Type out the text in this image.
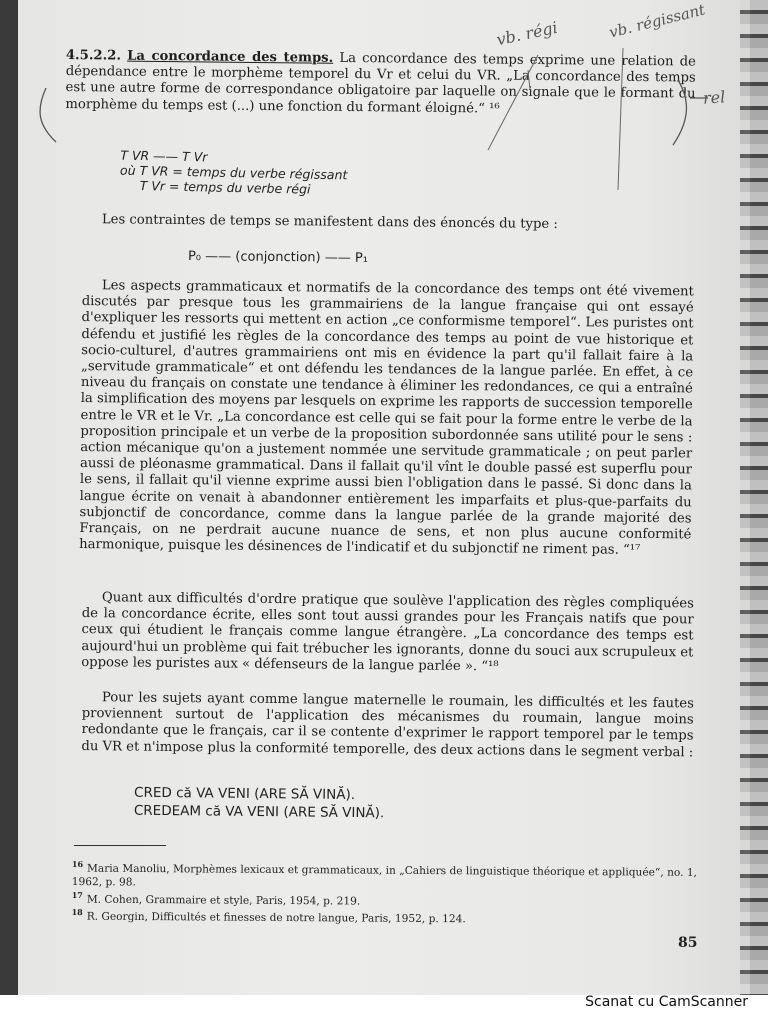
4.5.2.2. La concordance des temps. La concordance des temps exprime une relation de dépendance entre le morphème temporel du Vr et celui du VR. „La concordance des temps est une autre forme de correspondance obligatoire par laquelle on signale que le formant du morphème du temps est (...) une fonction du formant éloigné.“ ¹⁶

T VR —— T Vr
où T VR = temps du verbe régissant
T Vr = temps du verbe régi

Les contraintes de temps se manifestent dans des énoncés du type :

P₀ —— (conjonction) —— P₁

Les aspects grammaticaux et normatifs de la concordance des temps ont été vivement discutés par presque tous les grammairiens de la langue française qui ont essayé d'expliquer les ressorts qui mettent en action „ce conformisme temporel“. Les puristes ont défendu et justifié les règles de la concordance des temps au point de vue historique et socio-culturel, d'autres grammairiens ont mis en évidence la part qu'il fallait faire à la „servitude grammaticale“ et ont défendu les tendances de la langue parlée. En effet, à ce niveau du français on constate une tendance à éliminer les redondances, ce qui a entraîné la simplification des moyens par lesquels on exprime les rapports de succession temporelle entre le VR et le Vr. „La concordance est celle qui se fait pour la forme entre le verbe de la proposition principale et un verbe de la proposition subordonnée sans utilité pour le sens : action mécanique qu'on a justement nommée une servitude grammaticale ; on peut parler aussi de pléonasme grammatical. Dans il fallait qu'il vînt le double passé est superflu pour le sens, il fallait qu'il vienne exprime aussi bien l'obligation dans le passé. Si donc dans la langue écrite on venait à abandonner entièrement les imparfaits et plus-que-parfaits du subjonctif de concordance, comme dans la langue parlée de la grande majorité des Français, on ne perdrait aucune nuance de sens, et non plus aucune conformité harmonique, puisque les désinences de l'indicatif et du subjonctif ne riment pas. “¹⁷

Quant aux difficultés d'ordre pratique que soulève l'application des règles compliquées de la concordance écrite, elles sont tout aussi grandes pour les Français natifs que pour ceux qui étudient le français comme langue étrangère. „La concordance des temps est aujourd'hui un problème qui fait trébucher les ignorants, donne du souci aux scrupuleux et oppose les puristes aux « défenseurs de la langue parlée ». “¹⁸

Pour les sujets ayant comme langue maternelle le roumain, les difficultés et les fautes proviennent surtout de l'application des mécanismes du roumain, langue moins redondante que le français, car il se contente d'exprimer le rapport temporel par le temps du VR et n'impose plus la conformité temporelle, des deux actions dans le segment verbal :

CRED că VA VENI (ARE SĂ VINĂ).
CREDEAM că VA VENI (ARE SĂ VINĂ).

$^{16}$ Maria Manoliu, Morphèmes lexicaux et grammaticaux, in „Cahiers de linguistique théorique et appliquée“, no. 1, 1962, p. 98.

$^{17}$ M. Cohen, Grammaire et style, Paris, 1954, p. 219.

$^{18}$ R. Georgin, Difficultés et finesses de notre langue, Paris, 1952, p. 124.

85
vb. régi	vb. régissant
rel
Scanat cu CamScanner
